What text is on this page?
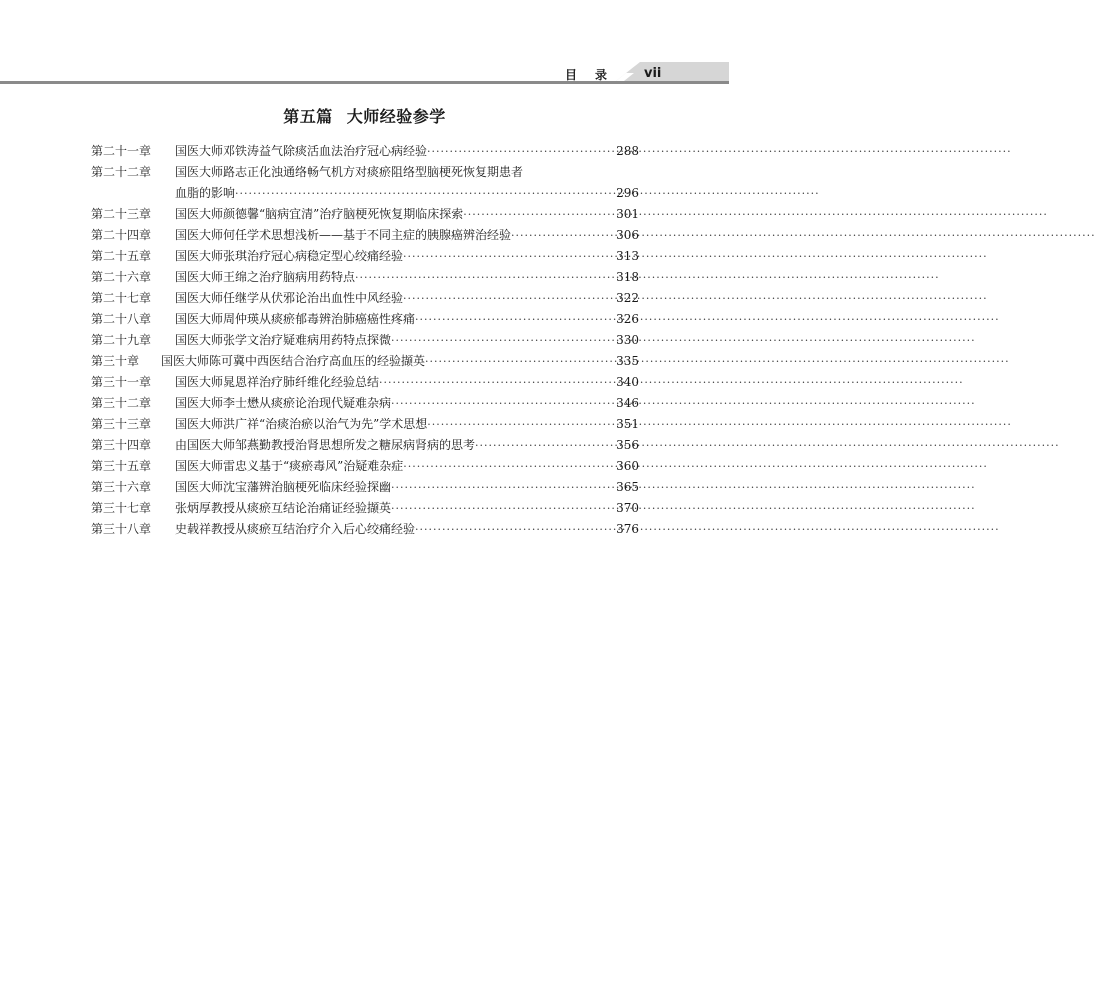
目录 vii
第五篇 大师经验参学
第二十一章	国医大师邓铁涛益气除痰活血法治疗冠心病经验 ·····	288
第二十二章	国医大师路志正化浊通络畅气机方对痰瘀阻络型脑梗死恢复期患者
血脂的影响 ·····	296
第二十三章	国医大师颜德馨“脑病宜清”治疗脑梗死恢复期临床探索 ·····	301
第二十四章	国医大师何任学术思想浅析——基于不同主症的胰腺癌辨治经验 ·····	306
第二十五章	国医大师张琪治疗冠心病稳定型心绞痛经验 ·····	313
第二十六章	国医大师王绵之治疗脑病用药特点 ·····	318
第二十七章	国医大师任继学从伏邪论治出血性中风经验 ·····	322
第二十八章	国医大师周仲瑛从痰瘀郁毒辨治肺癌癌性疼痛 ·····	326
第二十九章	国医大师张学文治疗疑难病用药特点探微 ·····	330
第三十章	国医大师陈可冀中西医结合治疗高血压的经验撷英 ·····	335
第三十一章	国医大师晁恩祥治疗肺纤维化经验总结 ·····	340
第三十二章	国医大师李士懋从痰瘀论治现代疑难杂病 ·····	346
第三十三章	国医大师洪广祥“治痰治瘀以治气为先”学术思想 ·····	351
第三十四章	由国医大师邹燕勤教授治肾思想所发之糖尿病肾病的思考 ·····	356
第三十五章	国医大师雷忠义基于“痰瘀毒风”治疑难杂症 ·····	360
第三十六章	国医大师沈宝藩辨治脑梗死临床经验探幽 ·····	365
第三十七章	张炳厚教授从痰瘀互结论治痛证经验撷英 ·····	370
第三十八章	史载祥教授从痰瘀互结治疗介入后心绞痛经验 ·····	376
